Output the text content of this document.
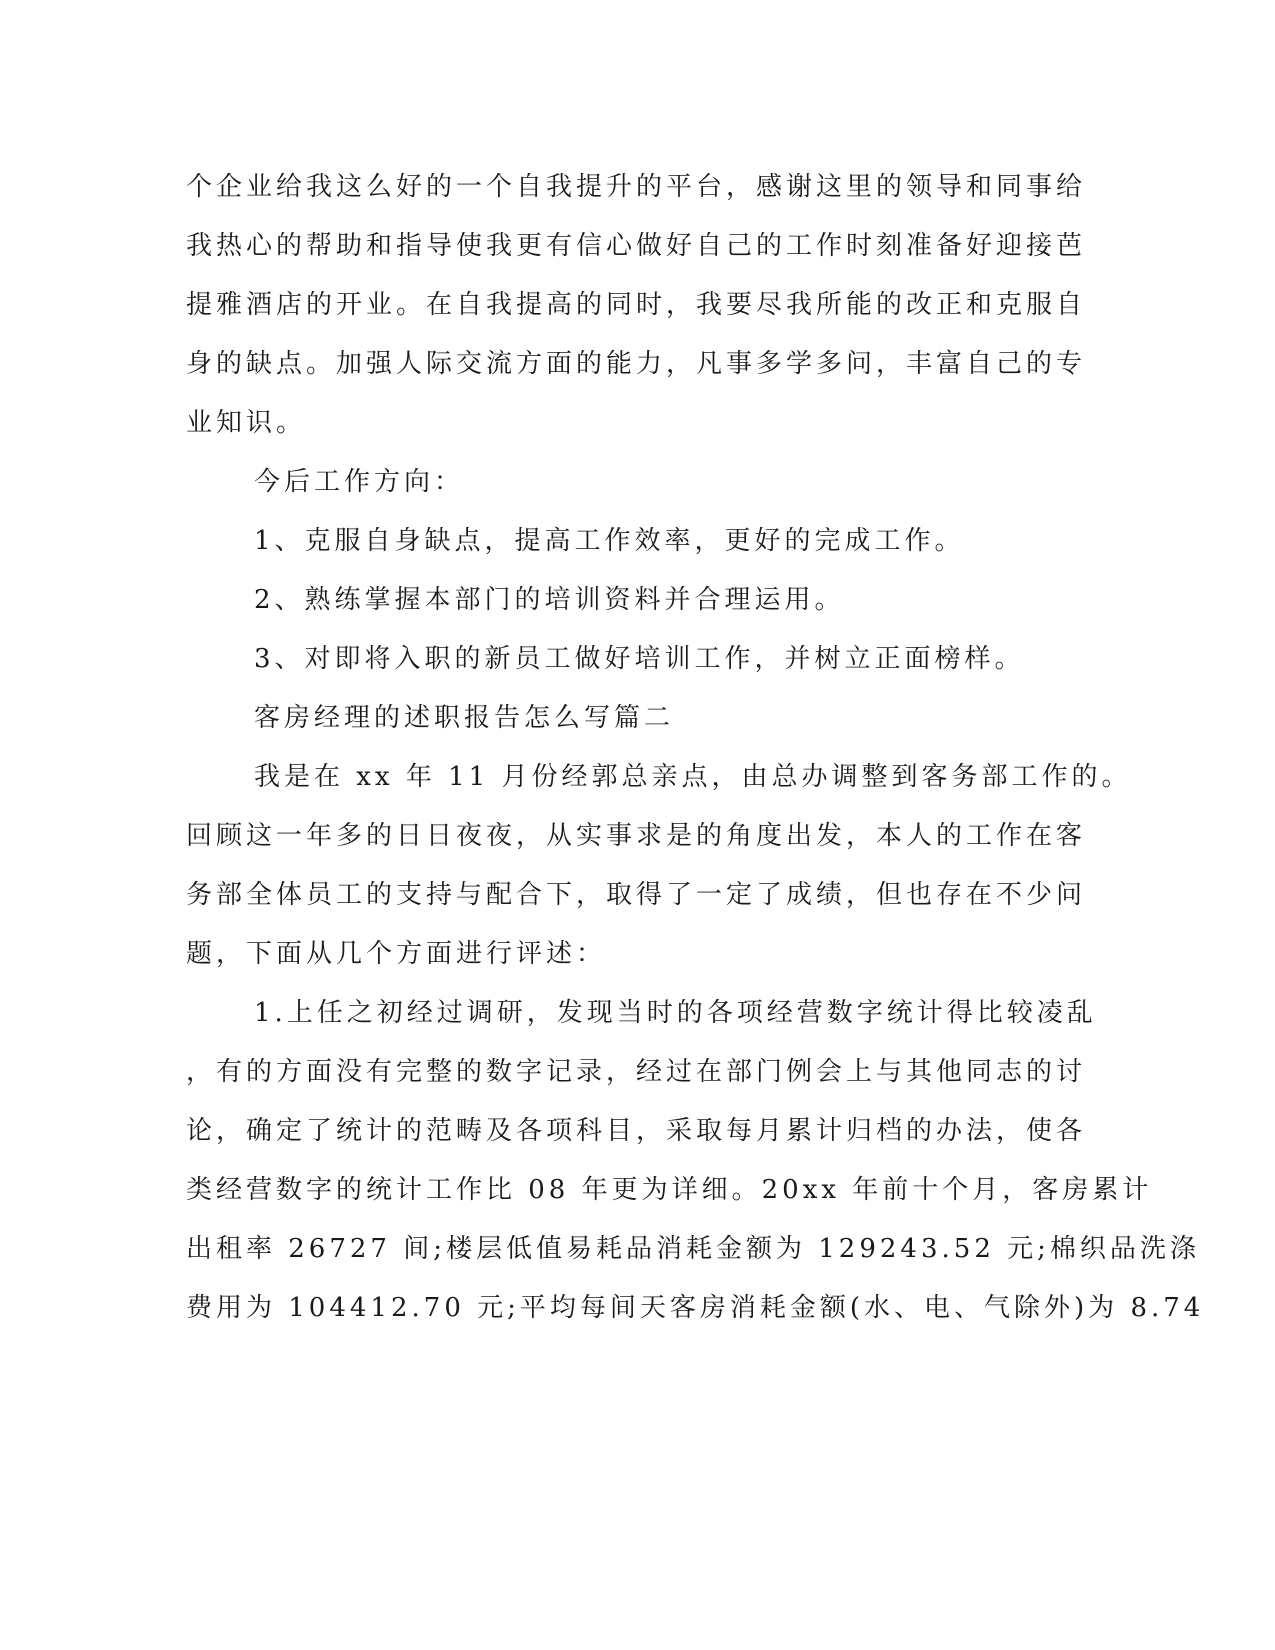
个企业给我这么好的一个自我提升的平台，感谢这里的领导和同事给
我热心的帮助和指导使我更有信心做好自己的工作时刻准备好迎接芭
提雅酒店的开业。在自我提高的同时，我要尽我所能的改正和克服自
身的缺点。加强人际交流方面的能力，凡事多学多问，丰富自己的专
业知识。
今后工作方向：
1、克服自身缺点，提高工作效率，更好的完成工作。
2、熟练掌握本部门的培训资料并合理运用。
3、对即将入职的新员工做好培训工作，并树立正面榜样。
客房经理的述职报告怎么写篇二
我是在 xx 年 11 月份经郭总亲点，由总办调整到客务部工作的。
回顾这一年多的日日夜夜，从实事求是的角度出发，本人的工作在客
务部全体员工的支持与配合下，取得了一定了成绩，但也存在不少问
题，下面从几个方面进行评述：
1.上任之初经过调研，发现当时的各项经营数字统计得比较凌乱
，有的方面没有完整的数字记录，经过在部门例会上与其他同志的讨
论，确定了统计的范畴及各项科目，采取每月累计归档的办法，使各
类经营数字的统计工作比 08 年更为详细。20xx 年前十个月，客房累计
出租率 26727 间;楼层低值易耗品消耗金额为 129243.52 元;棉织品洗涤
费用为 104412.70 元;平均每间天客房消耗金额(水、电、气除外)为 8.74
